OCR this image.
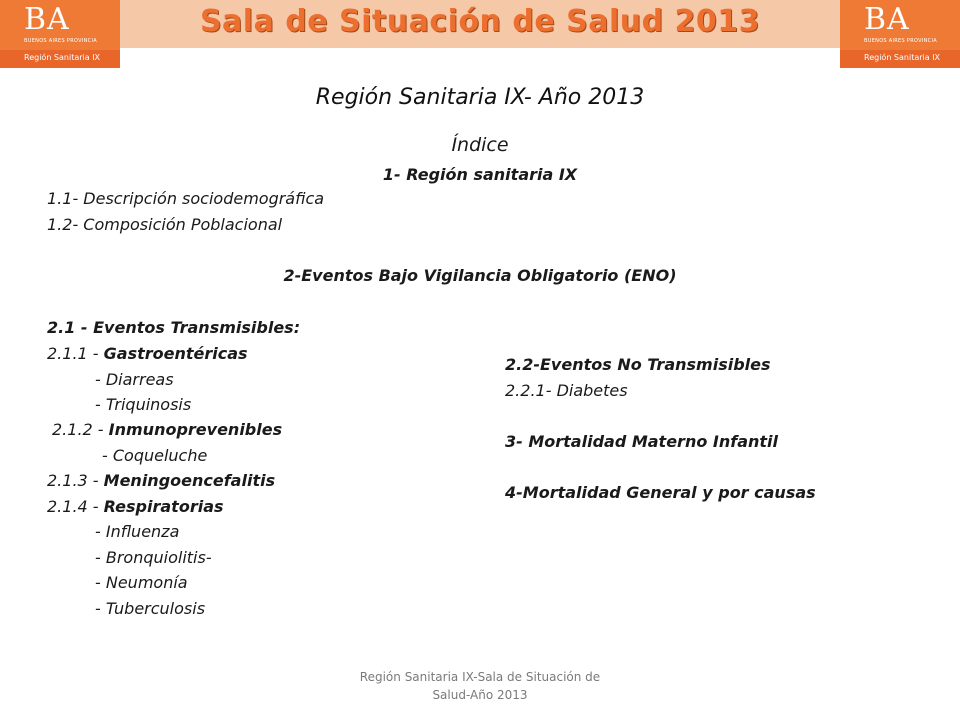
BA
BUENOS AIRES PROVINCIA
Región Sanitaria IX
Sala de Situación de Salud 2013	BA
BUENOS AIRES PROVINCIA
Región Sanitaria IX
Región Sanitaria IX- Año 2013
Índice
1- Región sanitaria IX
1.1- Descripción sociodemográfica
1.2- Composición Poblacional
2-Eventos Bajo Vigilancia Obligatorio (ENO)
2.1 - Eventos Transmisibles:
2.1.1 - Gastroentéricas
- Diarreas
- Triquinosis
2.1.2 - Inmunoprevenibles
- Coqueluche
2.1.3 - Meningoencefalitis
2.1.4 - Respiratorias
- Influenza
- Bronquiolitis-
- Neumonía
- Tuberculosis
2.2-Eventos No Transmisibles
2.2.1- Diabetes
3- Mortalidad Materno Infantil
4-Mortalidad General y por causas
Región Sanitaria IX-Sala de Situación de
Salud-Año 2013
